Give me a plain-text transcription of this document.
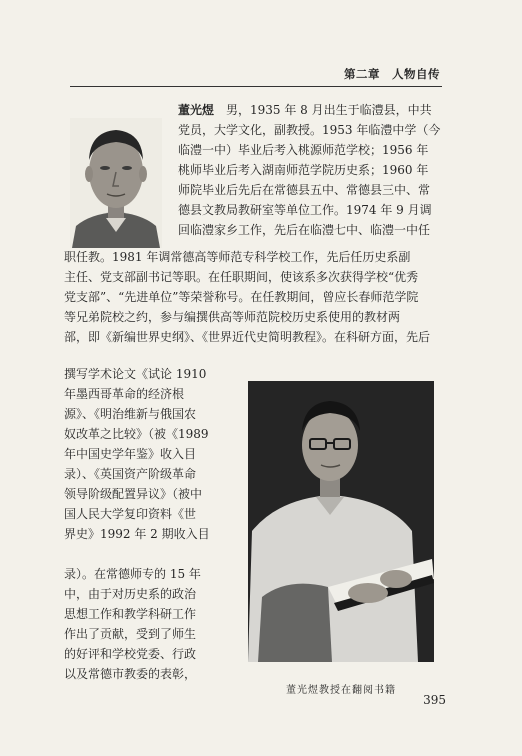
第二章　人物自传
董光煜教授在翻阅书籍
董光煜 男，1935 年 8 月出生于临澧县，中共
党员，大学文化，副教授。1953 年临澧中学（今
临澧一中）毕业后考入桃源师范学校；1956 年
桃师毕业后考入湖南师范学院历史系；1960 年
师院毕业后先后在常德县五中、常德县三中、常
德县文教局教研室等单位工作。1974 年 9 月调
回临澧家乡工作，先后在临澧七中、临澧一中任
职任教。1981 年调常德高等师范专科学校工作，先后任历史系副
主任、党支部副书记等职。在任职期间，使该系多次获得学校“优秀
党支部”、“先进单位”等荣誉称号。在任教期间，曾应长春师范学院
等兄弟院校之约，参与编撰供高等师范院校历史系使用的教材两
部，即《新编世界史纲》、《世界近代史简明教程》。在科研方面，先后
撰写学术论文《试论 1910
年墨西哥革命的经济根
源》、《明治维新与俄国农
奴改革之比较》（被《1989
年中国史学年鉴》收入目
录）、《英国资产阶级革命
领导阶级配置异议》（被中
国人民大学复印资料《世
界史》1992 年 2 期收入目
录）。在常德师专的 15 年
中，由于对历史系的政治
思想工作和教学科研工作
作出了贡献，受到了师生
的好评和学校党委、行政
以及常德市教委的表彰，
395
